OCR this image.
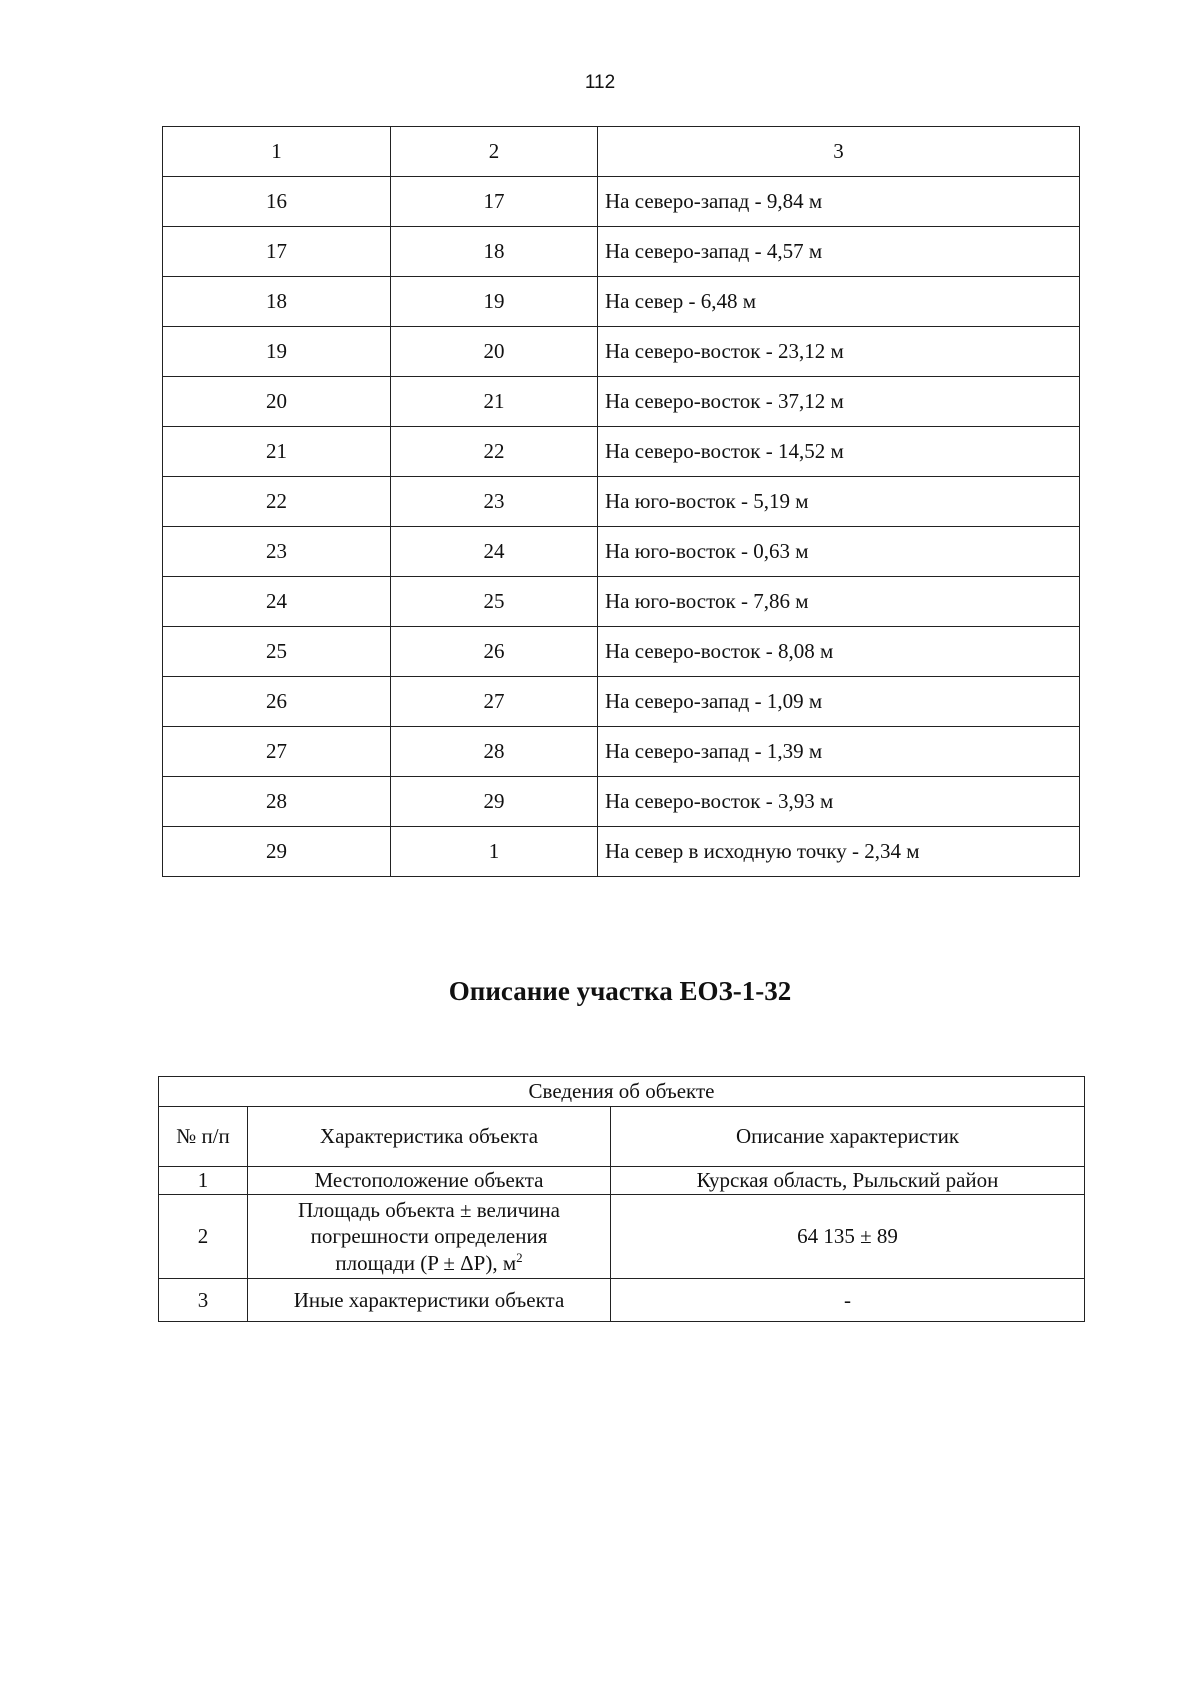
112
1	2	3
16	17	На северо-запад - 9,84 м
17	18	На северо-запад - 4,57 м
18	19	На север - 6,48 м
19	20	На северо-восток - 23,12 м
20	21	На северо-восток - 37,12 м
21	22	На северо-восток - 14,52 м
22	23	На юго-восток - 5,19 м
23	24	На юго-восток - 0,63 м
24	25	На юго-восток - 7,86 м
25	26	На северо-восток - 8,08 м
26	27	На северо-запад - 1,09 м
27	28	На северо-запад - 1,39 м
28	29	На северо-восток - 3,93 м
29	1	На север в исходную точку - 2,34 м
Описание участка ЕОЗ-1-32
Сведения об объекте		
№ п/п	Характеристика объекта	Описание характеристик
1	Местоположение объекта	Курская область, Рыльский район
2	Площадь объекта ± величина
погрешности определения
площади (P ± ΔP), $м^2$	64 135 ± 89
3	Иные характеристики объекта	-
